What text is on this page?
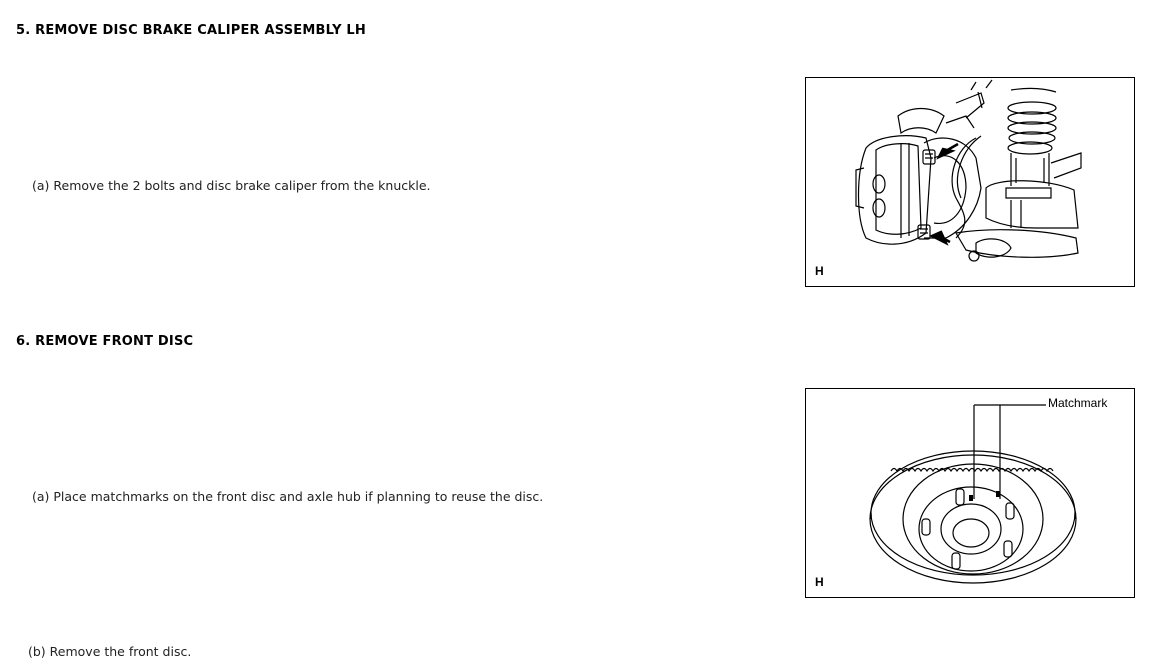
5. REMOVE DISC BRAKE CALIPER ASSEMBLY LH
(a) Remove the 2 bolts and disc brake caliper from the knuckle.
H
6. REMOVE FRONT DISC
(a) Place matchmarks on the front disc and axle hub if planning to reuse the disc.
(b) Remove the front disc.
Matchmark
H
